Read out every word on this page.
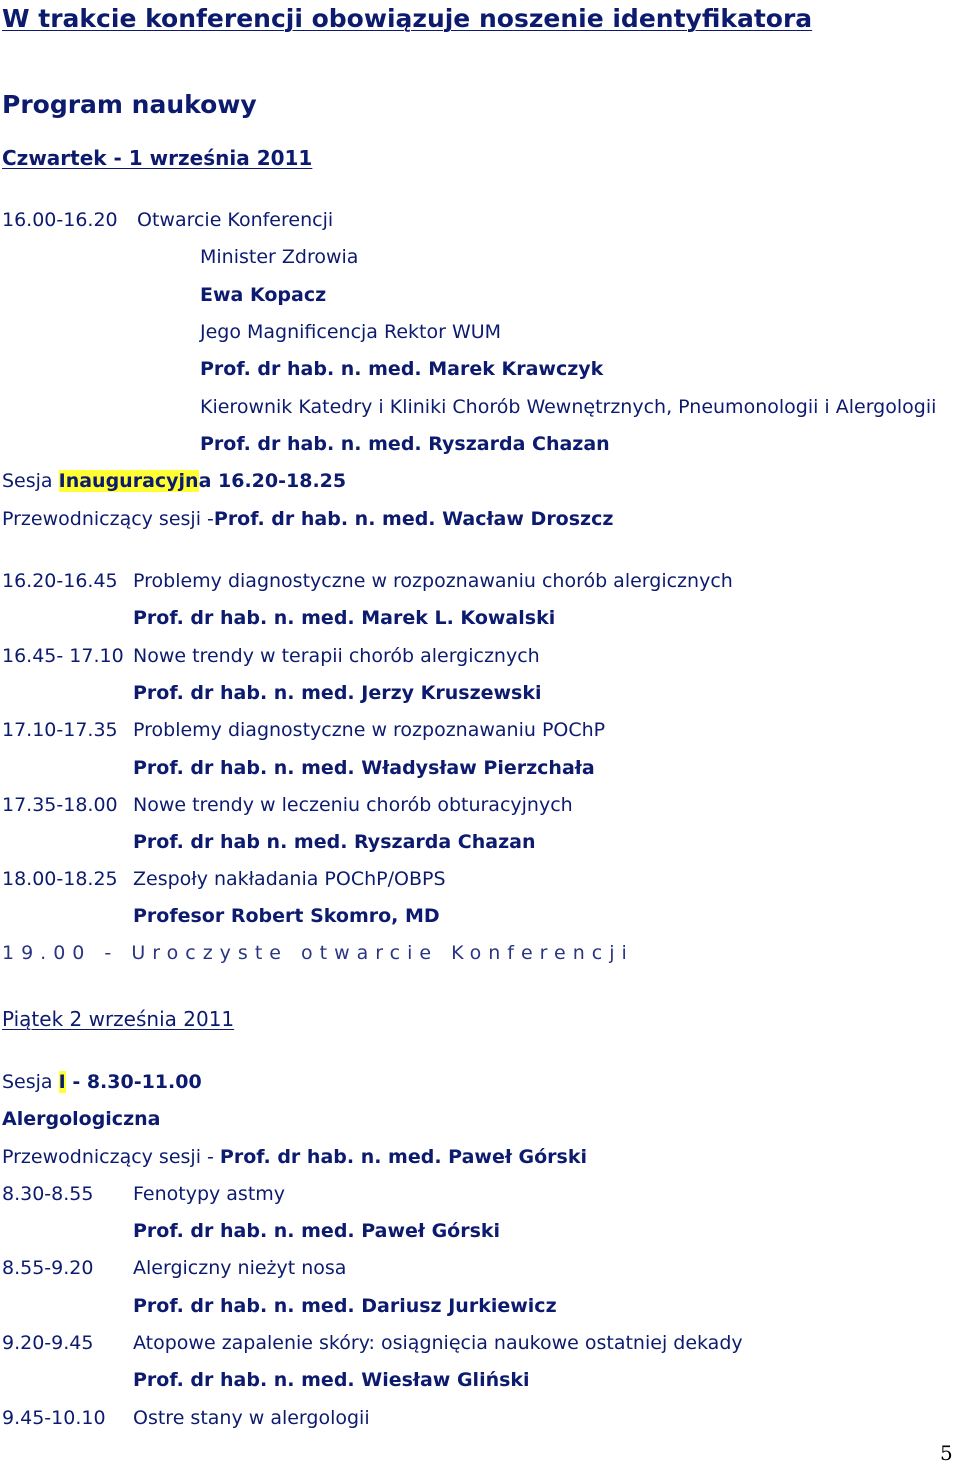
W trakcie konferencji obowiązuje noszenie identyfikatora
Program naukowy
Czwartek - 1 września 2011
16.00-16.20 Otwarcie Konferencji
Minister Zdrowia
Ewa Kopacz
Jego Magnificencja Rektor WUM
Prof. dr hab. n. med. Marek Krawczyk
Kierownik Katedry i Kliniki Chorób Wewnętrznych, Pneumonologii i Alergologii
Prof. dr hab. n. med. Ryszarda Chazan
Sesja Inauguracyjna 16.20-18.25
Przewodniczący sesji -Prof. dr hab. n. med. Wacław Droszcz
16.20-16.45 Problemy diagnostyczne w rozpoznawaniu chorób alergicznych
Prof. dr hab. n. med. Marek L. Kowalski
16.45- 17.10 Nowe trendy w terapii chorób alergicznych
Prof. dr hab. n. med. Jerzy Kruszewski
17.10-17.35 Problemy diagnostyczne w rozpoznawaniu POChP
Prof. dr hab. n. med. Władysław Pierzchała
17.35-18.00 Nowe trendy w leczeniu chorób obturacyjnych
Prof. dr hab n. med. Ryszarda Chazan
18.00-18.25 Zespoły nakładania POChP/OBPS
Profesor Robert Skomro, MD
19.00 - Uroczyste otwarcie Konferencji
Piątek 2 września 2011
Sesja I - 8.30-11.00
Alergologiczna
Przewodniczący sesji - Prof. dr hab. n. med. Paweł Górski
8.30-8.55 Fenotypy astmy
Prof. dr hab. n. med. Paweł Górski
8.55-9.20 Alergiczny nieżyt nosa
Prof. dr hab. n. med. Dariusz Jurkiewicz
9.20-9.45 Atopowe zapalenie skóry: osiągnięcia naukowe ostatniej dekady
Prof. dr hab. n. med. Wiesław Gliński
9.45-10.10 Ostre stany w alergologii
5
